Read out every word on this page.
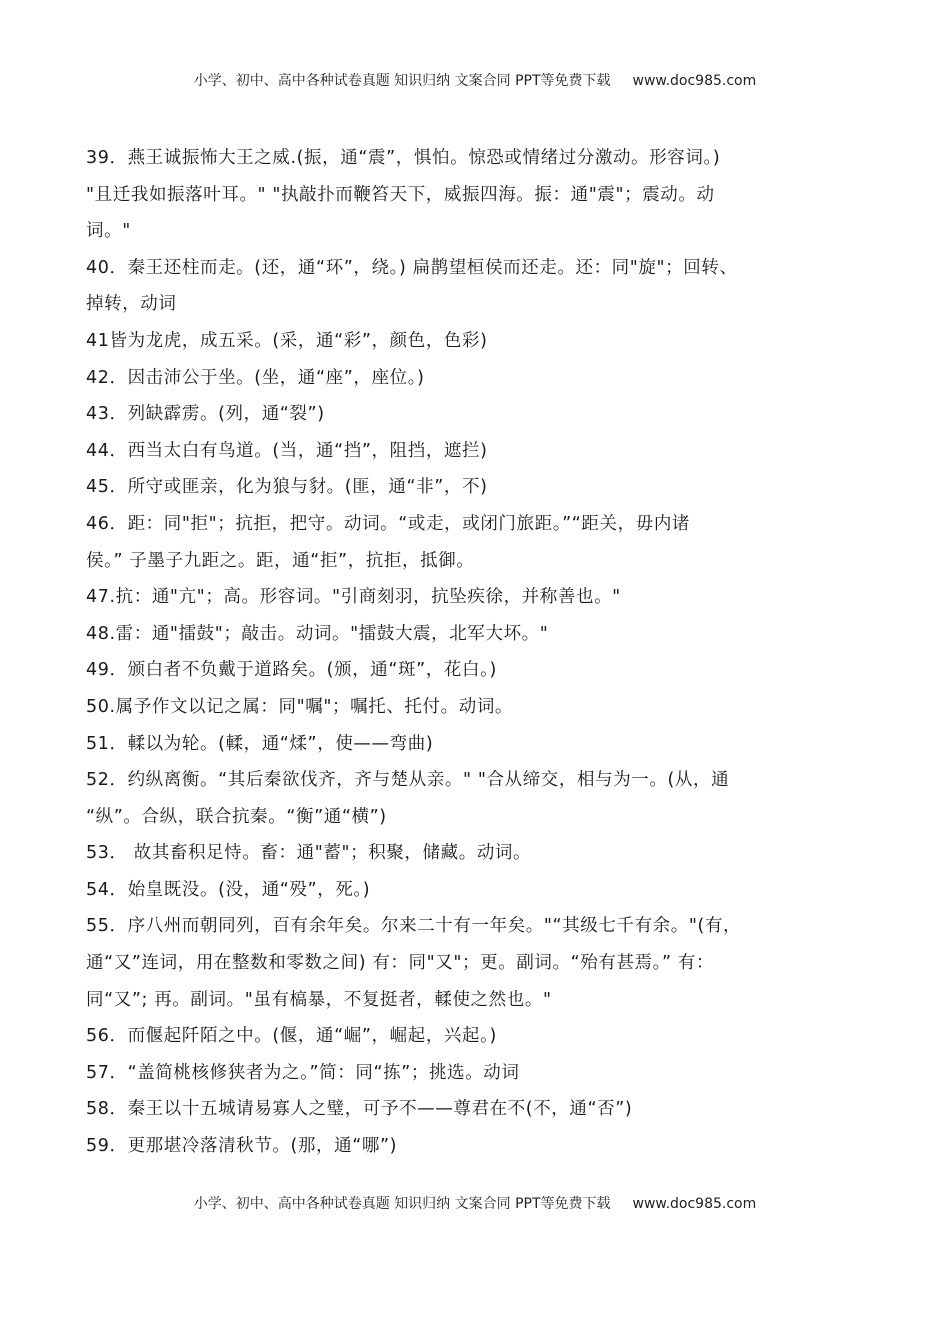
小学、初中、高中各种试卷真题 知识归纳 文案合同 PPT等免费下载 www.doc985.com
39．燕王诚振怖大王之威.(振，通“震”，惧怕。惊恐或情绪过分激动。形容词。)
"且迁我如振落叶耳。" "执敲扑而鞭笞天下，威振四海。振：通"震"；震动。动
词。"
40．秦王还柱而走。(还，通“环”，绕。) 扁鹊望桓侯而还走。还：同"旋"；回转、
掉转，动词
41皆为龙虎，成五采。(采，通“彩”，颜色，色彩)
42．因击沛公于坐。(坐，通“座”，座位。)
43．列缺霹雳。(列，通“裂”)
44．西当太白有鸟道。(当，通“挡”，阻挡，遮拦)
45．所守或匪亲，化为狼与豺。(匪，通“非”，不)
46．距：同"拒"；抗拒，把守。动词。“或走，或闭门旅距。”“距关，毋内诸
侯。” 子墨子九距之。距，通“拒”，抗拒，抵御。
47.抗：通"亢"；高。形容词。"引商刻羽，抗坠疾徐，并称善也。"
48.雷：通"擂鼓"；敲击。动词。"擂鼓大震，北军大坏。"
49．颁白者不负戴于道路矣。(颁，通“斑”，花白。)
50.属予作文以记之属：同"嘱"；嘱托、托付。动词。
51．輮以为轮。(輮，通“煣”，使——弯曲)
52．约纵离衡。“其后秦欲伐齐，齐与楚从亲。" "合从缔交，相与为一。(从，通
“纵”。合纵，联合抗秦。“衡”通“横”)
53． 故其畜积足恃。畜：通"蓄"；积聚，储藏。动词。
54．始皇既没。(没，通“殁”，死。)
55．序八州而朝同列，百有余年矣。尔来二十有一年矣。"“其级七千有余。"(有，
通“又”连词，用在整数和零数之间) 有：同"又"；更。副词。“殆有甚焉。” 有：
同“又”; 再。副词。"虽有槁暴，不复挺者，輮使之然也。"
56．而偃起阡陌之中。(偃，通“崛”，崛起，兴起。)
57．“盖简桃核修狭者为之。”简：同“拣”；挑选。动词
58．秦王以十五城请易寡人之璧，可予不——尊君在不(不，通“否”)
59．更那堪冷落清秋节。(那，通“哪”)
小学、初中、高中各种试卷真题 知识归纳 文案合同 PPT等免费下载 www.doc985.com
